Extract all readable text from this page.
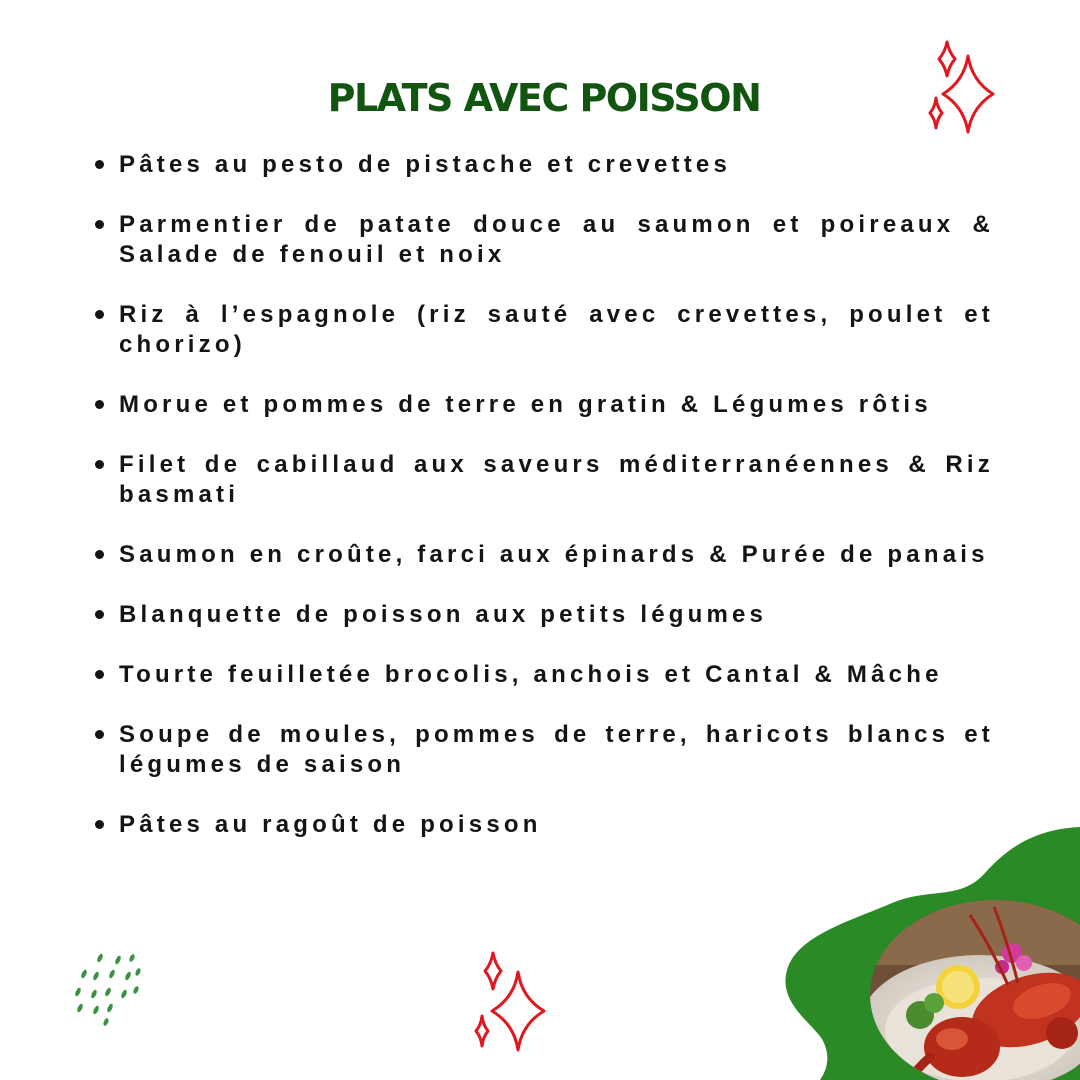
PLATS AVEC POISSON
Pâtes au pesto de pistache et crevettes
Parmentier de patate douce au saumon et poireaux & Salade de fenouil et noix
Riz à l’espagnole (riz sauté avec crevettes, poulet et chorizo)
Morue et pommes de terre en gratin & Légumes rôtis
Filet de cabillaud aux saveurs méditerranéennes & Riz basmati
Saumon en croûte, farci aux épinards & Purée de panais
Blanquette de poisson aux petits légumes
Tourte feuilletée brocolis, anchois et Cantal & Mâche
Soupe de moules, pommes de terre, haricots blancs et légumes de saison
Pâtes au ragoût de poisson
